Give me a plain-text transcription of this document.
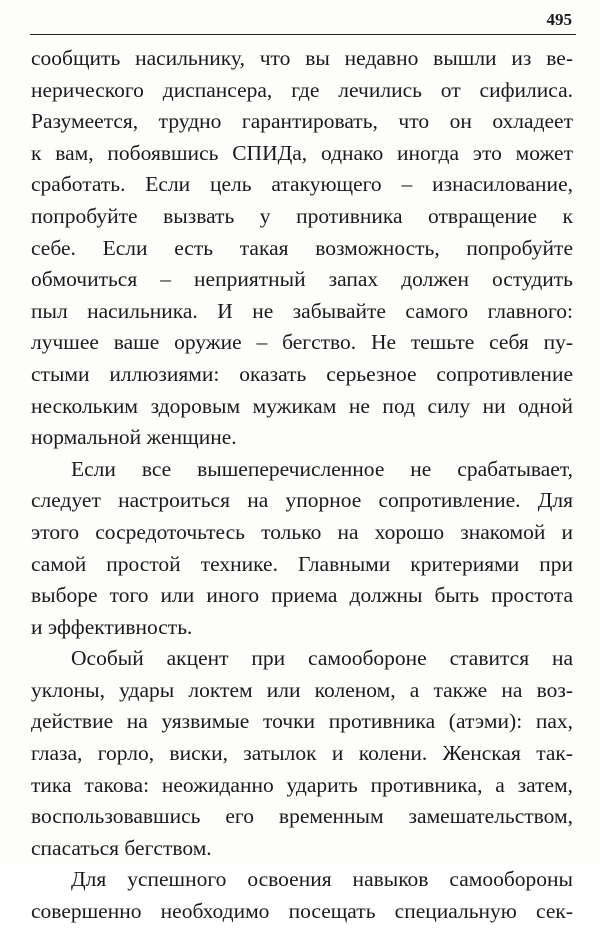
495
сообщить насильнику, что вы недавно вышли из ве-
нерического диспансера, где лечились от сифилиса.
Разумеется, трудно гарантировать, что он охладеет
к вам, побоявшись СПИДа, однако иногда это может
сработать. Если цель атакующего – изнасилование,
попробуйте вызвать у противника отвращение к
себе. Если есть такая возможность, попробуйте
обмочиться – неприятный запах должен остудить
пыл насильника. И не забывайте самого главного:
лучшее ваше оружие – бегство. Не тешьте себя пу-
стыми иллюзиями: оказать серьезное сопротивление
нескольким здоровым мужикам не под силу ни одной
нормальной женщине.
Если все вышеперечисленное не срабатывает,
следует настроиться на упорное сопротивление. Для
этого сосредоточьтесь только на хорошо знакомой и
самой простой технике. Главными критериями при
выборе того или иного приема должны быть простота
и эффективность.
Особый акцент при самообороне ставится на
уклоны, удары локтем или коленом, а также на воз-
действие на уязвимые точки противника (атэми): пах,
глаза, горло, виски, затылок и колени. Женская так-
тика такова: неожиданно ударить противника, а затем,
воспользовавшись его временным замешательством,
спасаться бегством.
Для успешного освоения навыков самообороны
совершенно необходимо посещать специальную сек-
